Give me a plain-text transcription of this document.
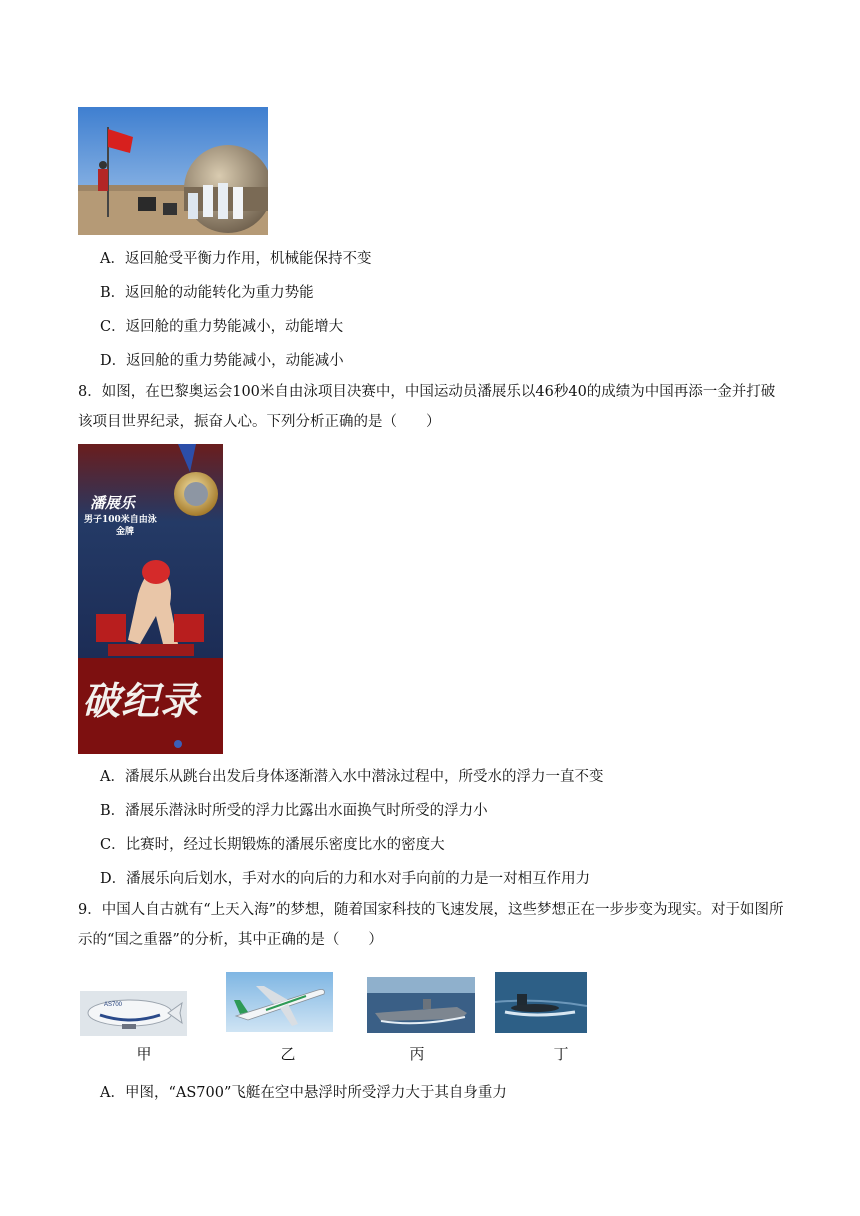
A．返回舱受平衡力作用，机械能保持不变
B．返回舱的动能转化为重力势能
C．返回舱的重力势能减小，动能增大
D．返回舱的重力势能减小，动能减小
8．如图，在巴黎奥运会100米自由泳项目决赛中，中国运动员潘展乐以46秒40的成绩为中国再添一金并打破该项目世界纪录，振奋人心。下列分析正确的是（　　）
潘展乐
男子100米自由泳
金牌
破纪录
A．潘展乐从跳台出发后身体逐渐潜入水中潜泳过程中，所受水的浮力一直不变
B．潘展乐潜泳时所受的浮力比露出水面换气时所受的浮力小
C．比赛时，经过长期锻炼的潘展乐密度比水的密度大
D．潘展乐向后划水，手对水的向后的力和水对手向前的力是一对相互作用力
9．中国人自古就有“上天入海”的梦想，随着国家科技的飞速发展，这些梦想正在一步步变为现实。对于如图所示的“国之重器”的分析，其中正确的是（　　）
AS700
甲	乙	丙	丁
A．甲图，“AS700”飞艇在空中悬浮时所受浮力大于其自身重力
